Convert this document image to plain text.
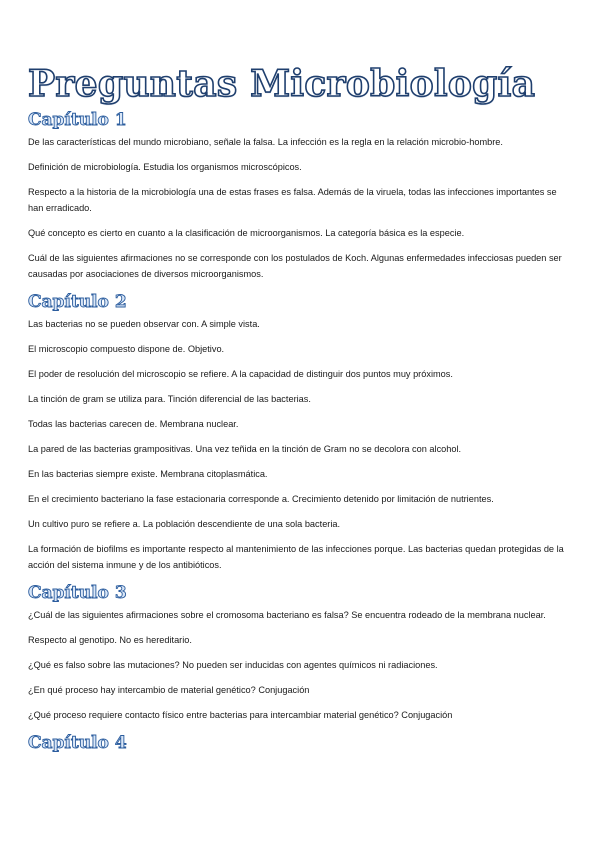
Preguntas Microbiología
Capítulo 1

De las características del mundo microbiano, señale la falsa. La infección es la regla en la relación microbio-hombre.

Definición de microbiología. Estudia los organismos microscópicos.

Respecto a la historia de la microbiología una de estas frases es falsa. Además de la viruela, todas las infecciones importantes se han erradicado.

Qué concepto es cierto en cuanto a la clasificación de microorganismos. La categoría básica es la especie.

Cuál de las siguientes afirmaciones no se corresponde con los postulados de Koch. Algunas enfermedades infecciosas pueden ser causadas por asociaciones de diversos microorganismos.

Capítulo 2

Las bacterias no se pueden observar con. A simple vista.

El microscopio compuesto dispone de. Objetivo.

El poder de resolución del microscopio se refiere. A la capacidad de distinguir dos puntos muy próximos.

La tinción de gram se utiliza para. Tinción diferencial de las bacterias.

Todas las bacterias carecen de. Membrana nuclear.

La pared de las bacterias grampositivas. Una vez teñida en la tinción de Gram no se decolora con alcohol.

En las bacterias siempre existe. Membrana citoplasmática.

En el crecimiento bacteriano la fase estacionaria corresponde a. Crecimiento detenido por limitación de nutrientes.

Un cultivo puro se refiere a. La población descendiente de una sola bacteria.

La formación de biofilms es importante respecto al mantenimiento de las infecciones porque. Las bacterias quedan protegidas de la acción del sistema inmune y de los antibióticos.

Capítulo 3

¿Cuál de las siguientes afirmaciones sobre el cromosoma bacteriano es falsa? Se encuentra rodeado de la membrana nuclear.

Respecto al genotipo. No es hereditario.

¿Qué es falso sobre las mutaciones? No pueden ser inducidas con agentes químicos ni radiaciones.

¿En qué proceso hay intercambio de material genético? Conjugación

¿Qué proceso requiere contacto físico entre bacterias para intercambiar material genético? Conjugación

Capítulo 4
